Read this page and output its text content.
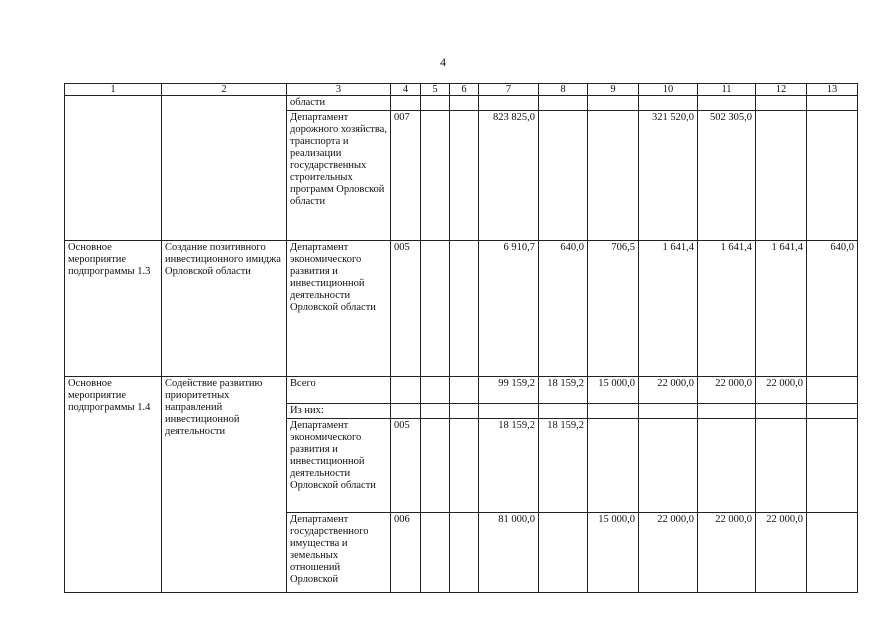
4
1	2	3	4	5	6	7	8	9	10	11	12	13
		области										
		Департамент дорожного хозяйства, транспорта и реализации государственных строительных программ Орловской области	007			823 825,0			321 520,0	502 305,0		
Основное мероприятие подпрограммы 1.3	Создание позитивного инвестиционного имиджа Орловской области	Департамент экономического развития и инвестиционной деятельности Орловской области	005			6 910,7	640,0	706,5	1 641,4	1 641,4	1 641,4	640,0
Основное мероприятие подпрограммы 1.4	Содействие развитию приоритетных направлений инвестиционной деятельности	Всего				99 159,2	18 159,2	15 000,0	22 000,0	22 000,0	22 000,0	
		Из них:										
		Департамент экономического развития и инвестиционной деятельности Орловской области	005			18 159,2	18 159,2					
		Департамент государственного имущества и земельных отношений Орловской	006			81 000,0		15 000,0	22 000,0	22 000,0	22 000,0	
